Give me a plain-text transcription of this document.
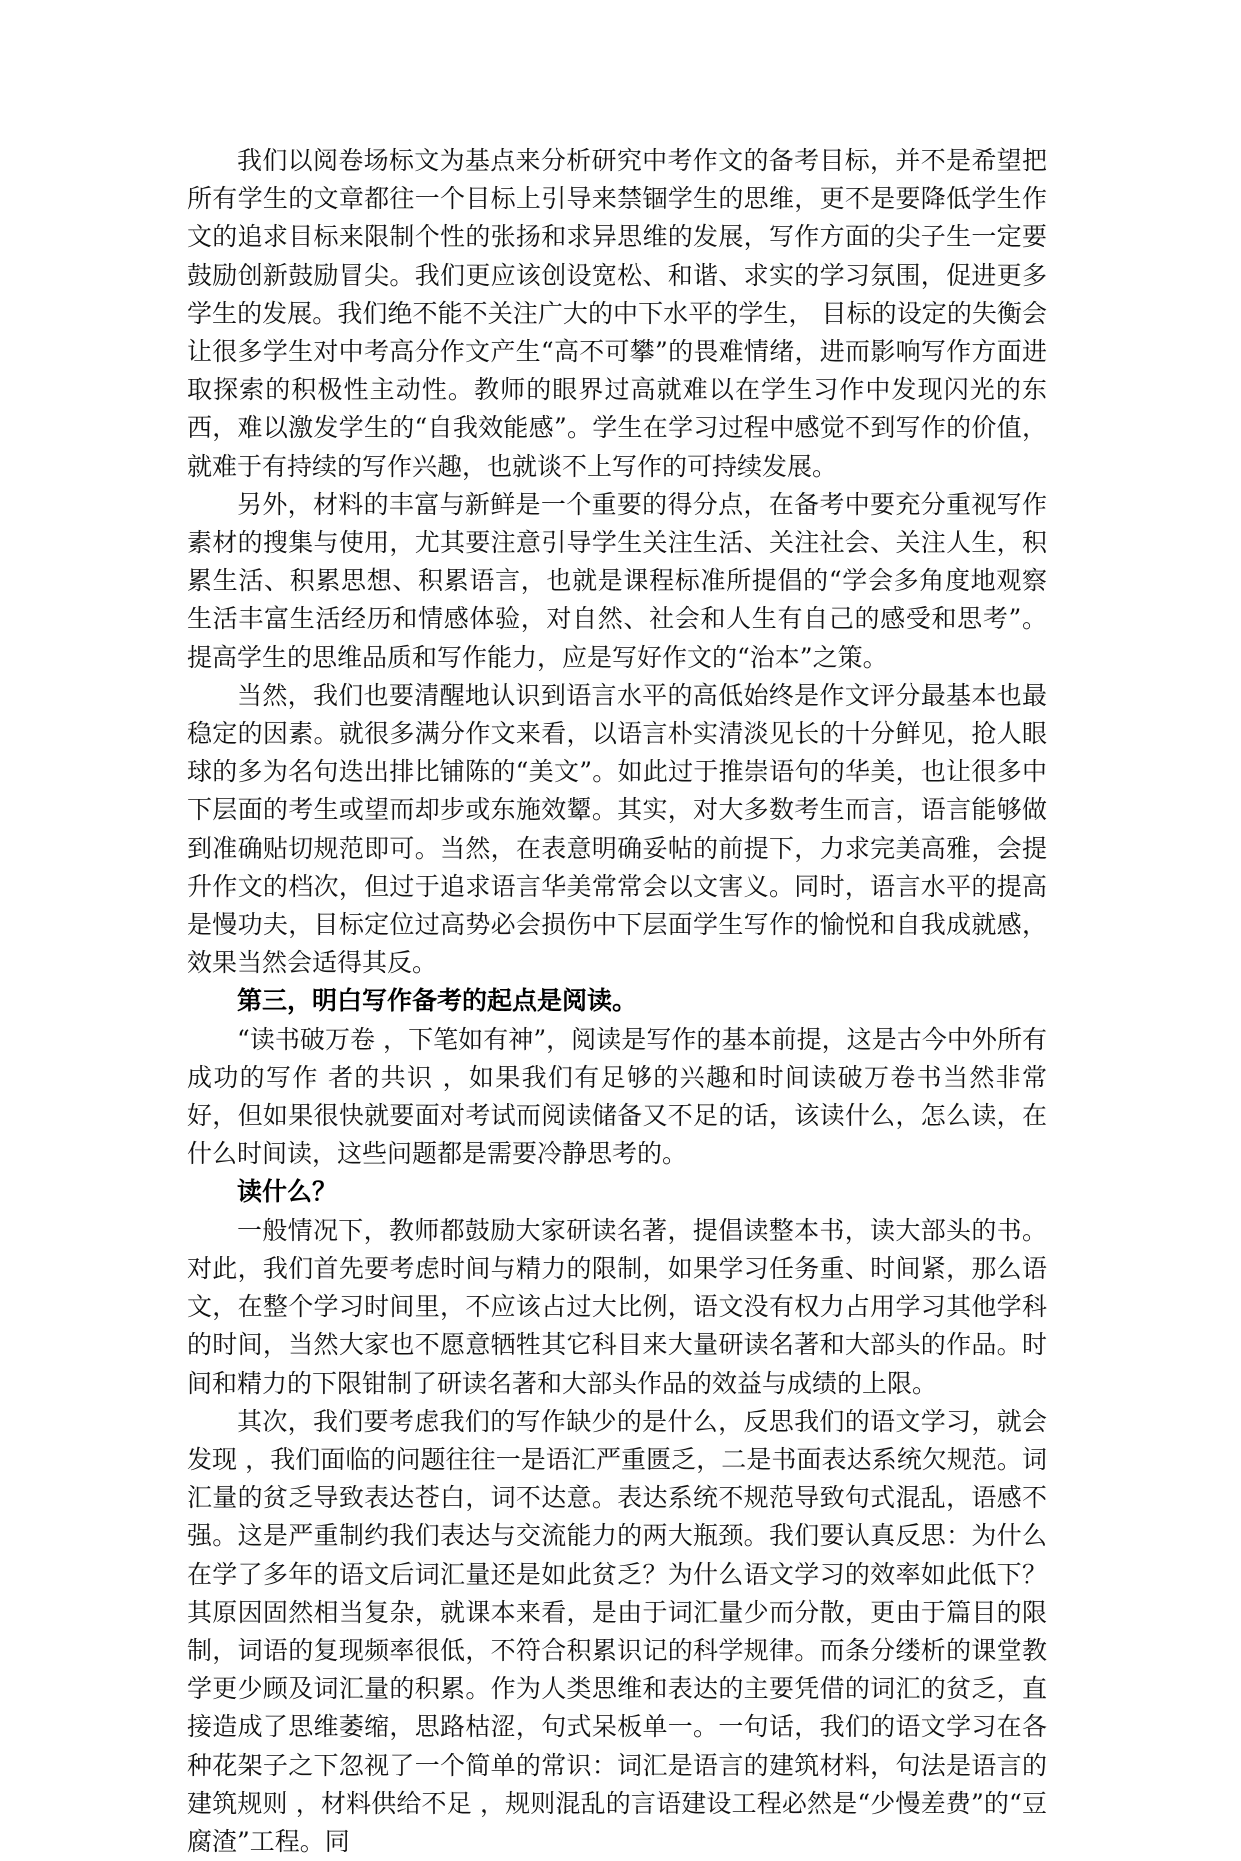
我们以阅卷场标文为基点来分析研究中考作文的备考目标，并不是希望把所有学生的文章都往一个目标上引导来禁锢学生的思维，更不是要降低学生作文的追求目标来限制个性的张扬和求异思维的发展，写作方面的尖子生一定要鼓励创新鼓励冒尖。我们更应该创设宽松、和谐、求实的学习氛围，促进更多学生的发展。我们绝不能不关注广大的中下水平的学生， 目标的设定的失衡会让很多学生对中考高分作文产生“高不可攀”的畏难情绪，进而影响写作方面进取探索的积极性主动性。教师的眼界过高就难以在学生习作中发现闪光的东西，难以激发学生的“自我效能感”。学生在学习过程中感觉不到写作的价值，就难于有持续的写作兴趣，也就谈不上写作的可持续发展。

另外，材料的丰富与新鲜是一个重要的得分点，在备考中要充分重视写作素材的搜集与使用，尤其要注意引导学生关注生活、关注社会、关注人生，积累生活、积累思想、积累语言，也就是课程标准所提倡的“学会多角度地观察生活丰富生活经历和情感体验，对自然、社会和人生有自己的感受和思考”。提高学生的思维品质和写作能力，应是写好作文的“治本”之策。

当然，我们也要清醒地认识到语言水平的高低始终是作文评分最基本也最稳定的因素。就很多满分作文来看，以语言朴实清淡见长的十分鲜见，抢人眼球的多为名句迭出排比铺陈的“美文”。如此过于推崇语句的华美，也让很多中下层面的考生或望而却步或东施效颦。其实，对大多数考生而言，语言能够做到准确贴切规范即可。当然，在表意明确妥帖的前提下，力求完美高雅，会提升作文的档次，但过于追求语言华美常常会以文害义。同时，语言水平的提高是慢功夫，目标定位过高势必会损伤中下层面学生写作的愉悦和自我成就感，效果当然会适得其反。

第三，明白写作备考的起点是阅读。

“读书破万卷 ，下笔如有神”，阅读是写作的基本前提，这是古今中外所有成功的写作 者的共识 ，如果我们有足够的兴趣和时间读破万卷书当然非常好，但如果很快就要面对考试而阅读储备又不足的话，该读什么，怎么读，在什么时间读，这些问题都是需要冷静思考的。

读什么？

一般情况下，教师都鼓励大家研读名著，提倡读整本书，读大部头的书。对此，我们首先要考虑时间与精力的限制，如果学习任务重、时间紧，那么语文，在整个学习时间里，不应该占过大比例，语文没有权力占用学习其他学科的时间，当然大家也不愿意牺牲其它科目来大量研读名著和大部头的作品。时间和精力的下限钳制了研读名著和大部头作品的效益与成绩的上限。

其次，我们要考虑我们的写作缺少的是什么，反思我们的语文学习，就会发现 ，我们面临的问题往往一是语汇严重匮乏，二是书面表达系统欠规范。词汇量的贫乏导致表达苍白，词不达意。表达系统不规范导致句式混乱，语感不强。这是严重制约我们表达与交流能力的两大瓶颈。我们要认真反思：为什么在学了多年的语文后词汇量还是如此贫乏？为什么语文学习的效率如此低下？其原因固然相当复杂，就课本来看，是由于词汇量少而分散，更由于篇目的限制，词语的复现频率很低，不符合积累识记的科学规律。而条分缕析的课堂教学更少顾及词汇量的积累。作为人类思维和表达的主要凭借的词汇的贫乏，直接造成了思维萎缩，思路枯涩，句式呆板单一。一句话，我们的语文学习在各种花架子之下忽视了一个简单的常识：词汇是语言的建筑材料，句法是语言的建筑规则 ，材料供给不足 ，规则混乱的言语建设工程必然是“少慢差费”的“豆腐渣”工程。同
